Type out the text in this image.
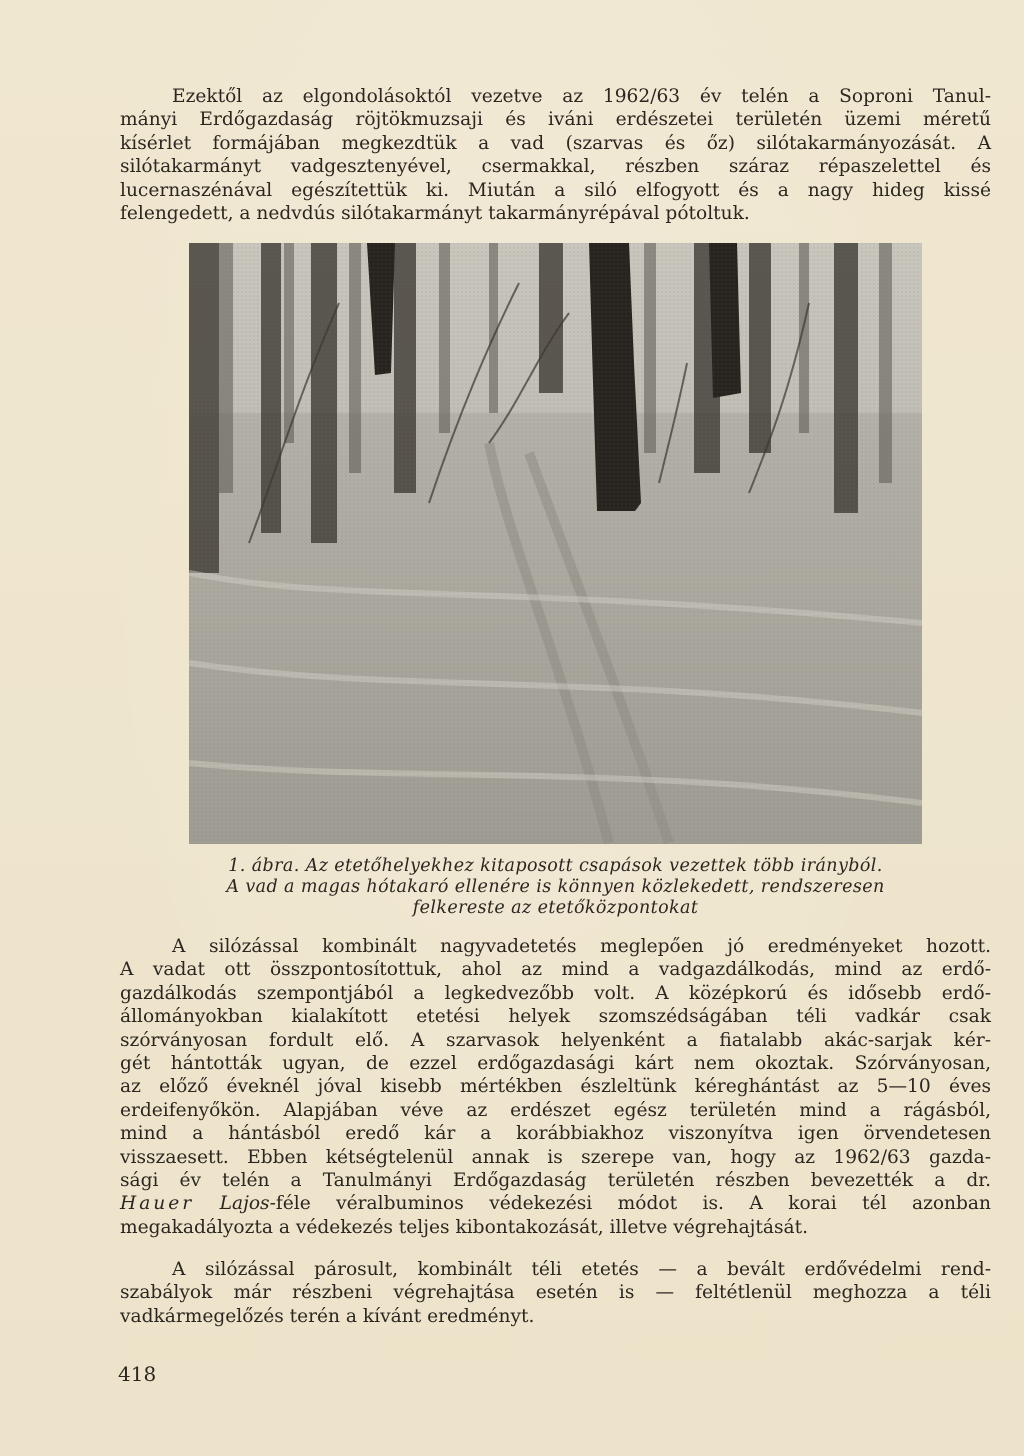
Ezektől az elgondolásoktól vezetve az 1962/63 év telén a Soproni Tanul-
mányi Erdőgazdaság röjtökmuzsaji és iváni erdészetei területén üzemi méretű
kísérlet formájában megkezdtük a vad (szarvas és őz) silótakarmányozását. A
silótakarmányt vadgesztenyével, csermakkal, részben száraz répaszelettel és
lucernaszénával egészítettük ki. Miután a siló elfogyott és a nagy hideg kissé
felengedett, a nedvdús silótakarmányt takarmányrépával pótoltuk.

1. ábra. Az etetőhelyekhez kitaposott csapások vezettek több irányból.
A vad a magas hótakaró ellenére is könnyen közlekedett, rendszeresen
felkereste az etetőközpontokat

A silózással kombinált nagyvadetetés meglepően jó eredményeket hozott.
A vadat ott összpontosítottuk, ahol az mind a vadgazdálkodás, mind az erdő-
gazdálkodás szempontjából a legkedvezőbb volt. A középkorú és idősebb erdő-
állományokban kialakított etetési helyek szomszédságában téli vadkár csak
szórványosan fordult elő. A szarvasok helyenként a fiatalabb akác-sarjak kér-
gét hántották ugyan, de ezzel erdőgazdasági kárt nem okoztak. Szórványosan,
az előző éveknél jóval kisebb mértékben észleltünk kéreghántást az 5—10 éves
erdeifenyőkön. Alapjában véve az erdészet egész területén mind a rágásból,
mind a hántásból eredő kár a korábbiakhoz viszonyítva igen örvendetesen
visszaesett. Ebben kétségtelenül annak is szerepe van, hogy az 1962/63 gazda-
sági év telén a Tanulmányi Erdőgazdaság területén részben bevezették a dr.
Hauer Lajos-féle véralbuminos védekezési módot is. A korai tél azonban
megakadályozta a védekezés teljes kibontakozását, illetve végrehajtását.

A silózással párosult, kombinált téli etetés — a bevált erdővédelmi rend-
szabályok már részbeni végrehajtása esetén is — feltétlenül meghozza a téli
vadkármegelőzés terén a kívánt eredményt.

418
